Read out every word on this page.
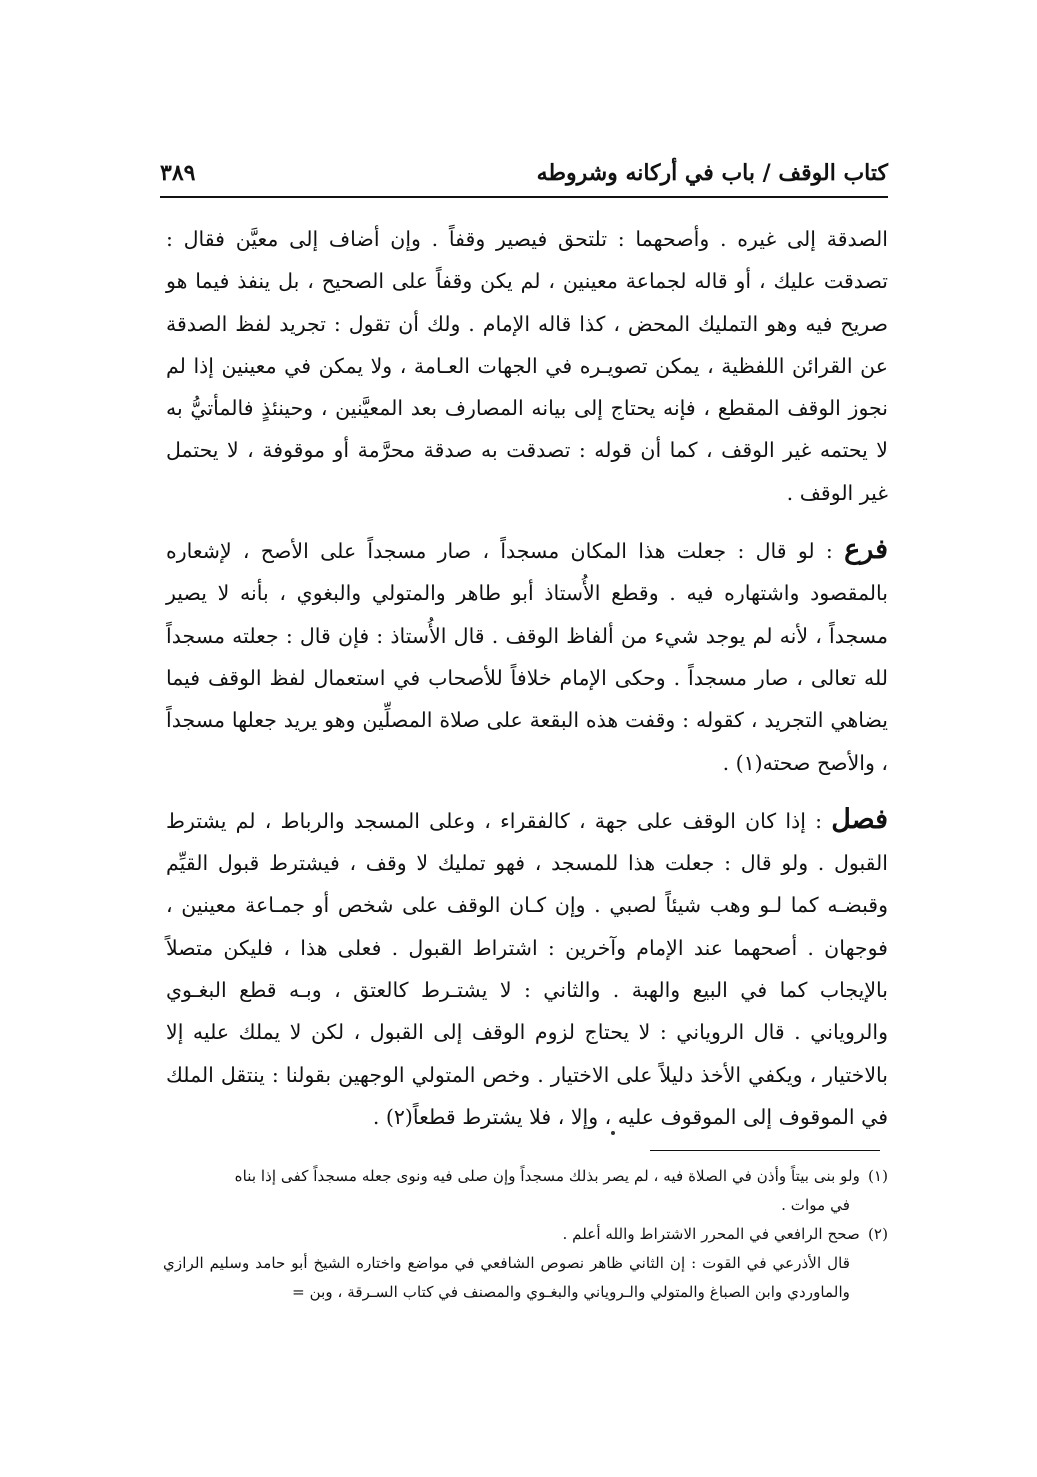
كتاب الوقف / باب في أركانه وشروطه
٣٨٩

الصدقة إلى غيره . وأصحهما : تلتحق فيصير وقفاً . وإن أضاف إلى معيَّن فقال : تصدقت عليك ، أو قاله لجماعة معينين ، لم يكن وقفاً على الصحيح ، بل ينفذ فيما هو صريح فيه وهو التمليك المحض ، كذا قاله الإمام . ولك أن تقول : تجريد لفظ الصدقة عن القرائن اللفظية ، يمكن تصويـره في الجهات العـامة ، ولا يمكن في معينين إذا لم نجوز الوقف المقطع ، فإنه يحتاج إلى بيانه المصارف بعد المعيَّنين ، وحينئذٍ فالمأتيُّ به لا يحتمه غير الوقف ، كما أن قوله : تصدقت به صدقة محرَّمة أو موقوفة ، لا يحتمل غير الوقف .

فرع : لو قال : جعلت هذا المكان مسجداً ، صار مسجداً على الأصح ، لإشعاره بالمقصود واشتهاره فيه . وقطع الأُستاذ أبو طاهر والمتولي والبغوي ، بأنه لا يصير مسجداً ، لأنه لم يوجد شيء من ألفاظ الوقف . قال الأُستاذ : فإن قال : جعلته مسجداً لله تعالى ، صار مسجداً . وحكى الإمام خلافاً للأصحاب في استعمال لفظ الوقف فيما يضاهي التجريد ، كقوله : وقفت هذه البقعة على صلاة المصلِّين وهو يريد جعلها مسجداً ، والأصح صحته(١) .

فصل : إذا كان الوقف على جهة ، كالفقراء ، وعلى المسجد والرباط ، لم يشترط القبول . ولو قال : جعلت هذا للمسجد ، فهو تمليك لا وقف ، فيشترط قبول القيِّم وقبضـه كما لـو وهب شيئاً لصبي . وإن كـان الوقف على شخص أو جمـاعة معينين ، فوجهان . أصحهما عند الإمام وآخرين : اشتراط القبول . فعلى هذا ، فليكن متصلاً بالإيجاب كما في البيع والهبة . والثاني : لا يشتـرط كالعتق ، وبـه قطع البغـوي والروياني . قال الروياني : لا يحتاج لزوم الوقف إلى القبول ، لكن لا يملك عليه إلا بالاختيار ، ويكفي الأخذ دليلاً على الاختيار . وخص المتولي الوجهين بقولنا : ينتقل الملك في الموقوف إلى الموقوف عليه ، وإلا ، فلا يشترط قطعاً(٢) .

(١)ولو بنى بيتاً وأذن في الصلاة فيه ، لم يصر بذلك مسجداً وإن صلى فيه ونوى جعله مسجداً كفى إذا بناه

في موات .

(٢)صحح الرافعي في المحرر الاشتراط والله أعلم .

قال الأذرعي في القوت : إن الثاني ظاهر نصوص الشافعي في مواضع واختاره الشيخ أبو حامد وسليم الرازي والماوردي وابن الصباغ والمتولي والـروياني والبغـوي والمصنف في كتاب السـرقة ، وبن =
